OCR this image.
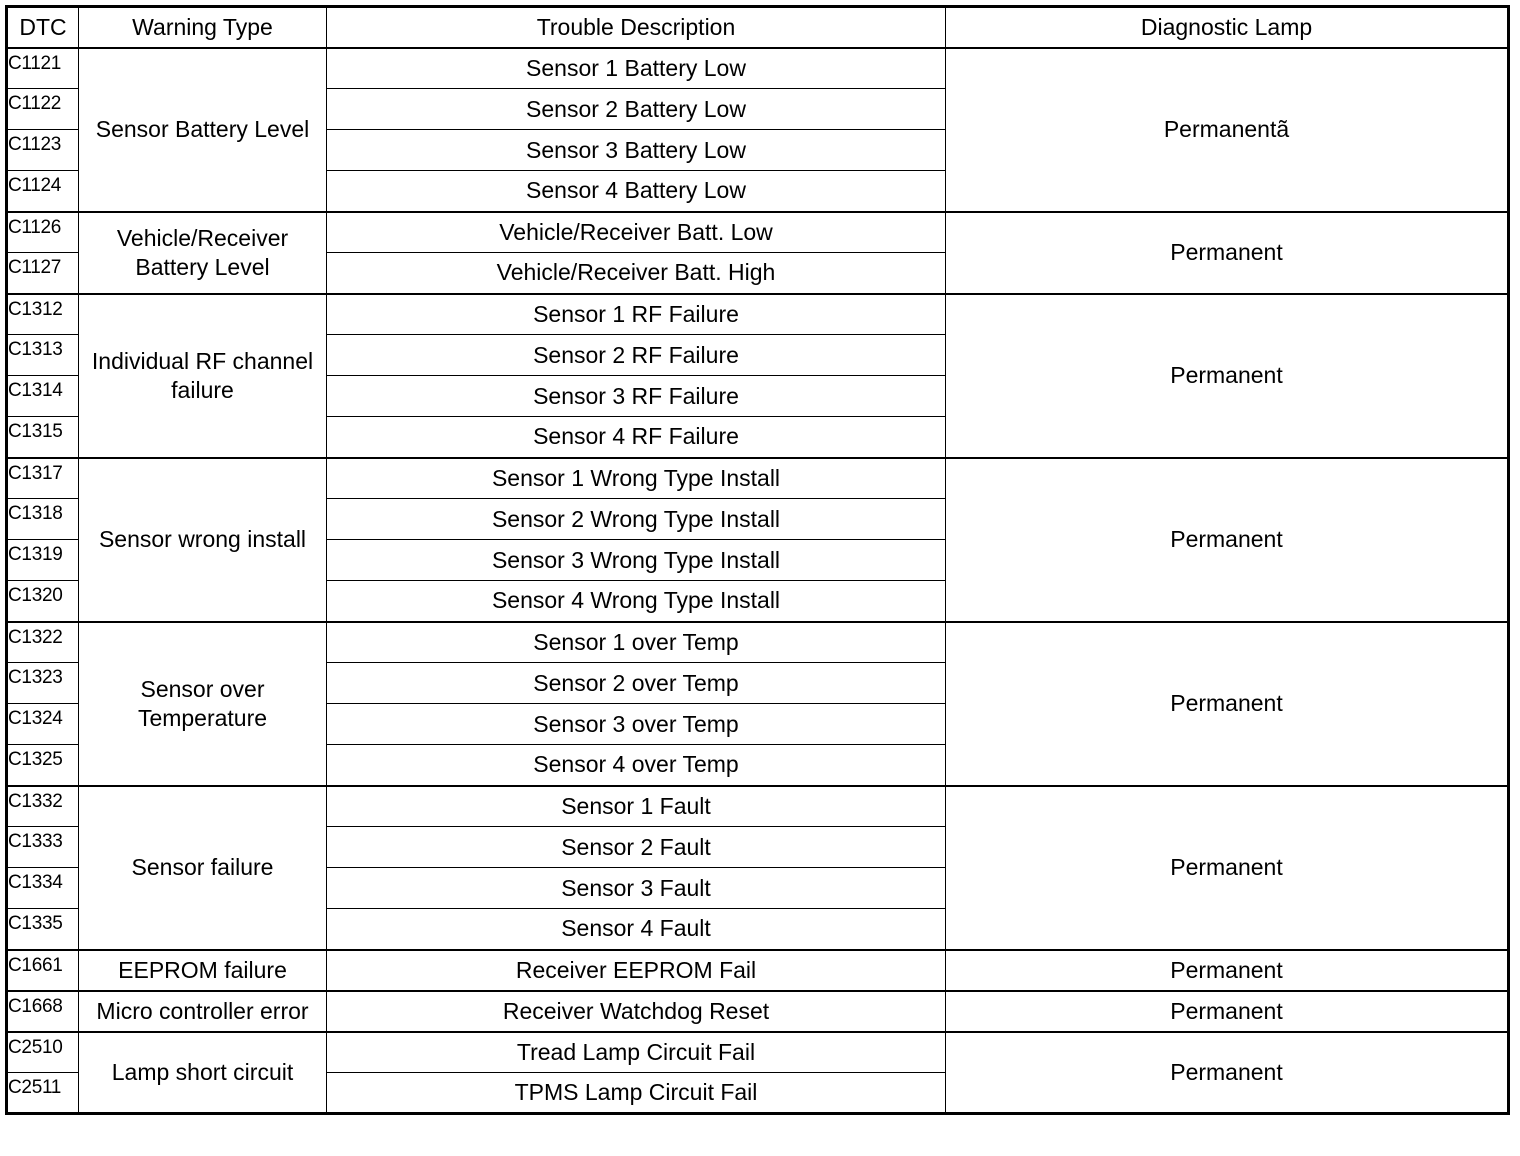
DTC	Warning Type	Trouble Description	Diagnostic Lamp
C1121	Sensor Battery Level	Sensor 1 Battery Low	Permanentã
C1122		Sensor 2 Battery Low	
C1123		Sensor 3 Battery Low	
C1124		Sensor 4 Battery Low	
C1126	Vehicle/Receiver Battery Level	Vehicle/Receiver Batt. Low	Permanent
C1127		Vehicle/Receiver Batt. High	
C1312	Individual RF channel failure	Sensor 1 RF Failure	Permanent
C1313		Sensor 2 RF Failure	
C1314		Sensor 3 RF Failure	
C1315		Sensor 4 RF Failure	
C1317	Sensor wrong install	Sensor 1 Wrong Type Install	Permanent
C1318		Sensor 2 Wrong Type Install	
C1319		Sensor 3 Wrong Type Install	
C1320		Sensor 4 Wrong Type Install	
C1322	Sensor over Temperature	Sensor 1 over Temp	Permanent
C1323		Sensor 2 over Temp	
C1324		Sensor 3 over Temp	
C1325		Sensor 4 over Temp	
C1332	Sensor failure	Sensor 1 Fault	Permanent
C1333		Sensor 2 Fault	
C1334		Sensor 3 Fault	
C1335		Sensor 4 Fault	
C1661	EEPROM failure	Receiver EEPROM Fail	Permanent
C1668	Micro controller error	Receiver Watchdog Reset	Permanent
C2510	Lamp short circuit	Tread Lamp Circuit Fail	Permanent
C2511		TPMS Lamp Circuit Fail	
